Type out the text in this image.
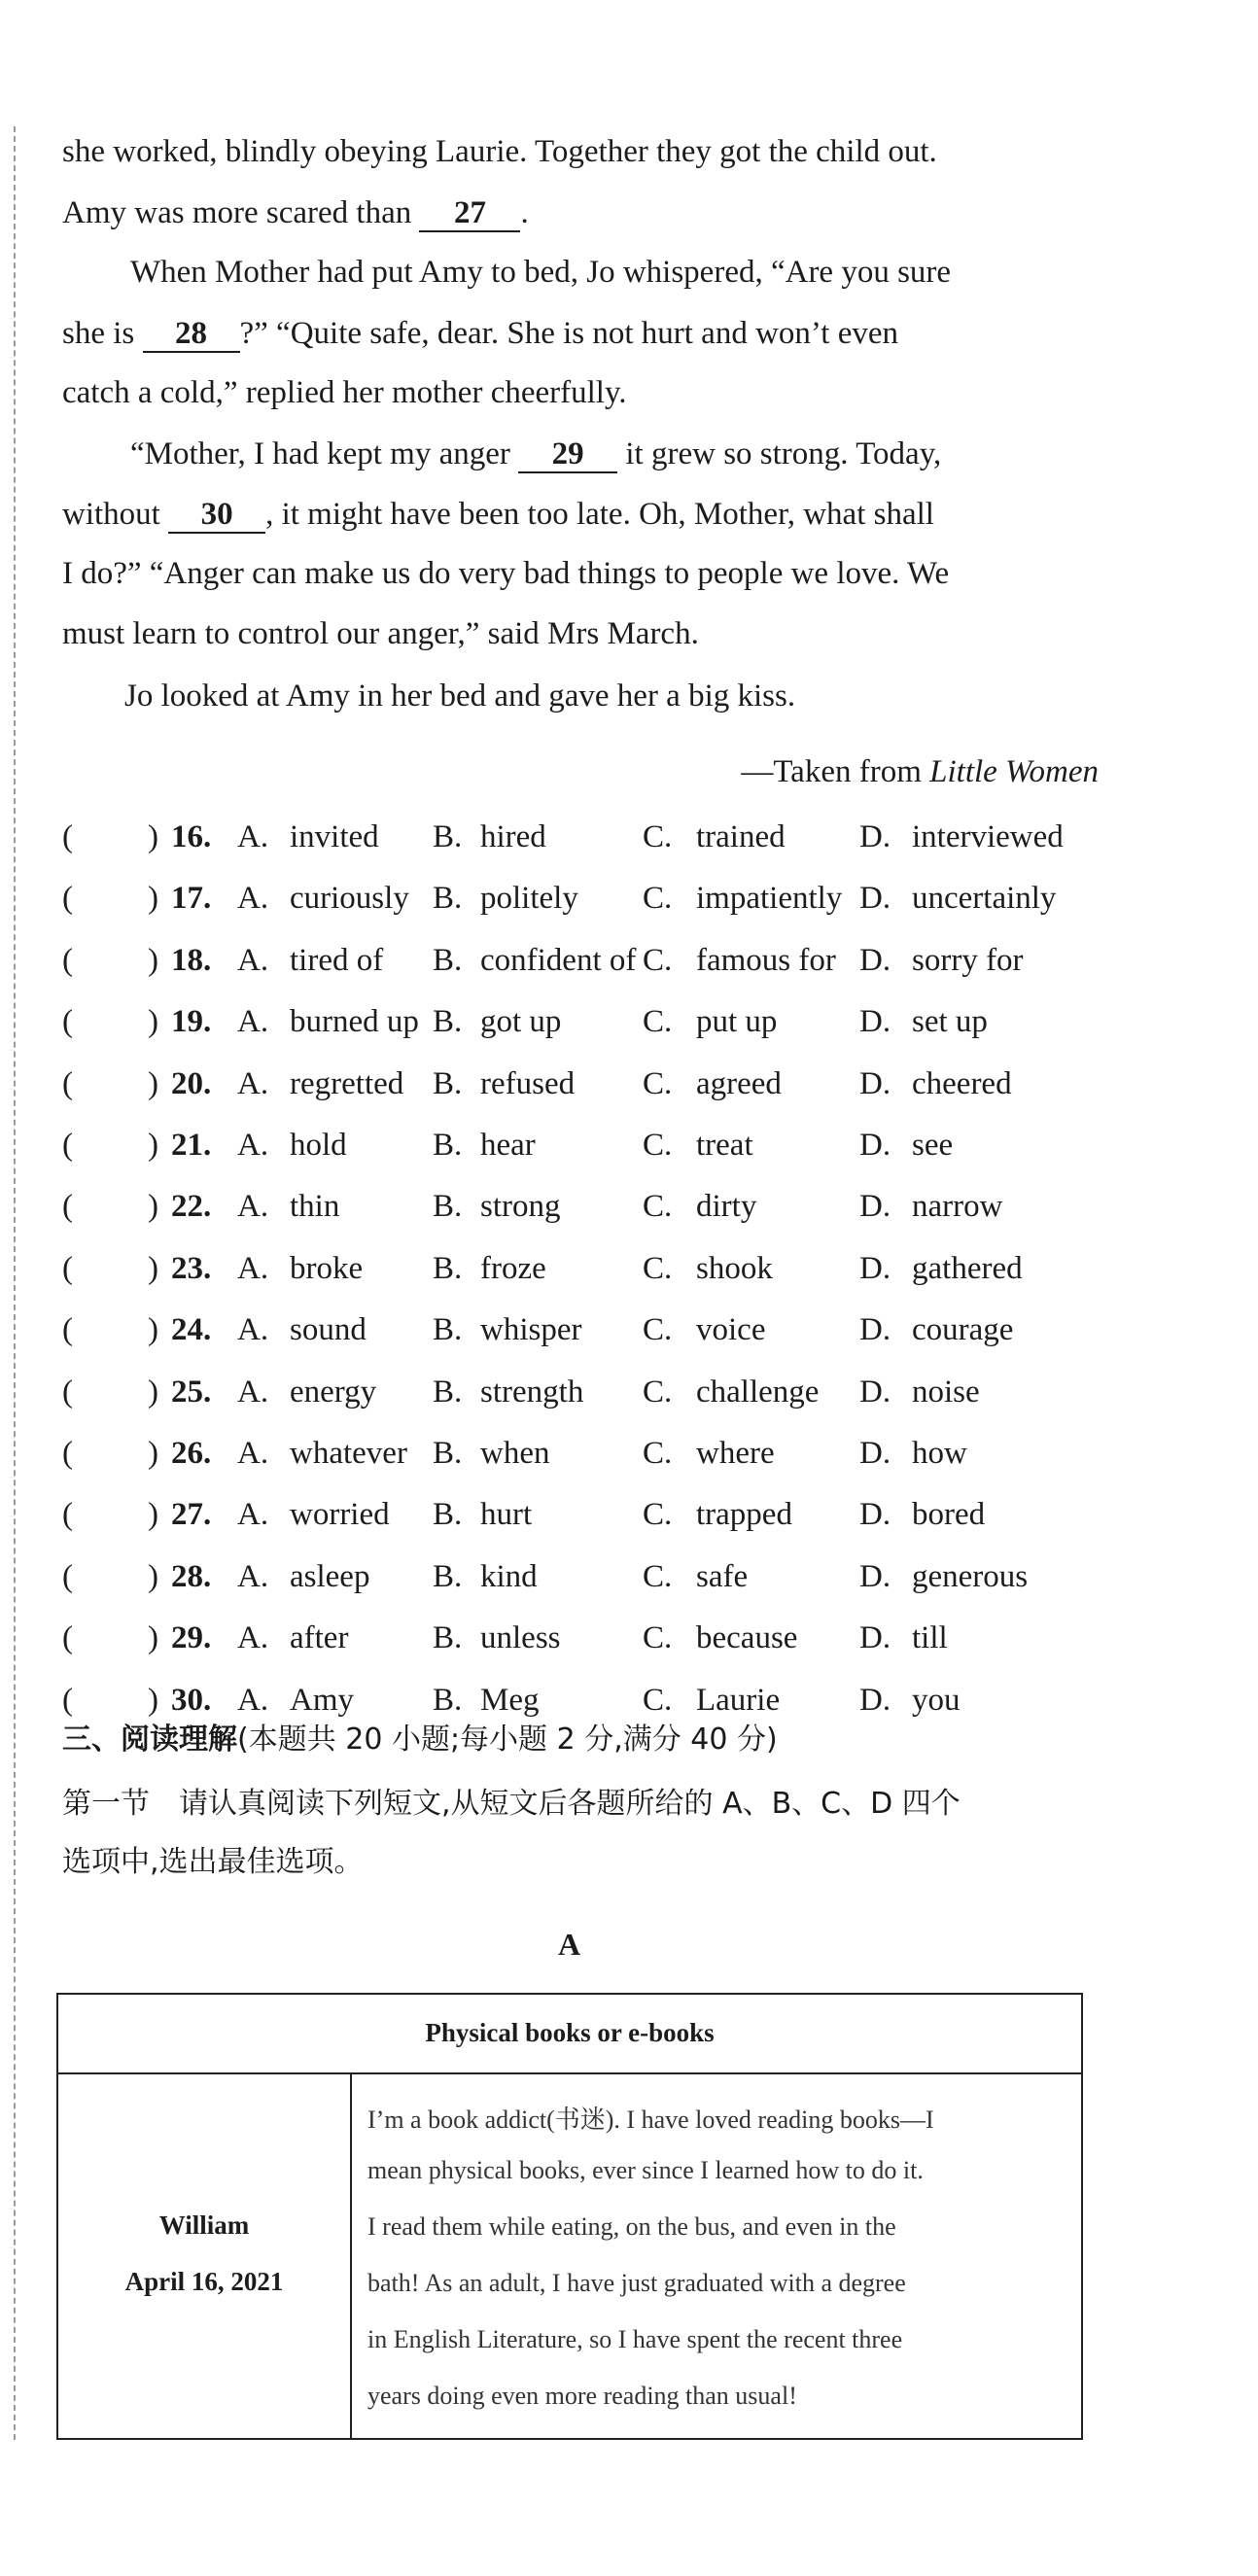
she worked, blindly obeying Laurie. Together they got the child out.
Amy was more scared than 27 .
When Mother had put Amy to bed, Jo whispered, “Are you sure
she is 28 ?” “Quite safe, dear. She is not hurt and won’t even
catch a cold,” replied her mother cheerfully.
“Mother, I had kept my anger 29 it grew so strong. Today,
without 30 , it might have been too late. Oh, Mother, what shall
I do?” “Anger can make us do very bad things to people we love. We
must learn to control our anger,” said Mrs March.
Jo looked at Amy in her bed and gave her a big kiss.
—Taken from Little Women
( ) 16. A. invited B. hired	C. trained D. interviewed
( ) 17. A. curiously B. politely C. impatiently D. uncertainly
( ) 18. A. tired of B. confident of C. famous for D. sorry for
( ) 19. A. burned up B. got up	C. put up	D. set up
( ) 20. A. regretted B. refused C. agreed D. cheered
( ) 21. A. hold	B. hear	C. treat	D. see
( ) 22. A. thin	B. strong	C. dirty	D. narrow
( ) 23. A. broke B. froze	C. shook	D. gathered
( ) 24. A. sound B. whisper C. voice	D. courage
( ) 25. A. energy B. strength C. challenge D. noise
( ) 26. A. whatever B. when	C. where	D. how
( ) 27. A. worried B. hurt	C. trapped D. bored
( ) 28. A. asleep B. kind	C. safe	D. generous
( ) 29. A. after	B. unless	C. because D. till
( ) 30. A. Amy B. Meg	C. Laurie D. you
三、阅读理解(本题共 20 小题;每小题 2 分,满分 40 分)
第一节　请认真阅读下列短文,从短文后各题所给的 A、B、C、D 四个
选项中,选出最佳选项。
A
Physical books or e-books
William
April 16, 2021
I’m a book addict(书迷). I have loved reading books—I
mean physical books, ever since I learned how to do it.
I read them while eating, on the bus, and even in the
bath! As an adult, I have just graduated with a degree
in English Literature, so I have spent the recent three
years doing even more reading than usual!
